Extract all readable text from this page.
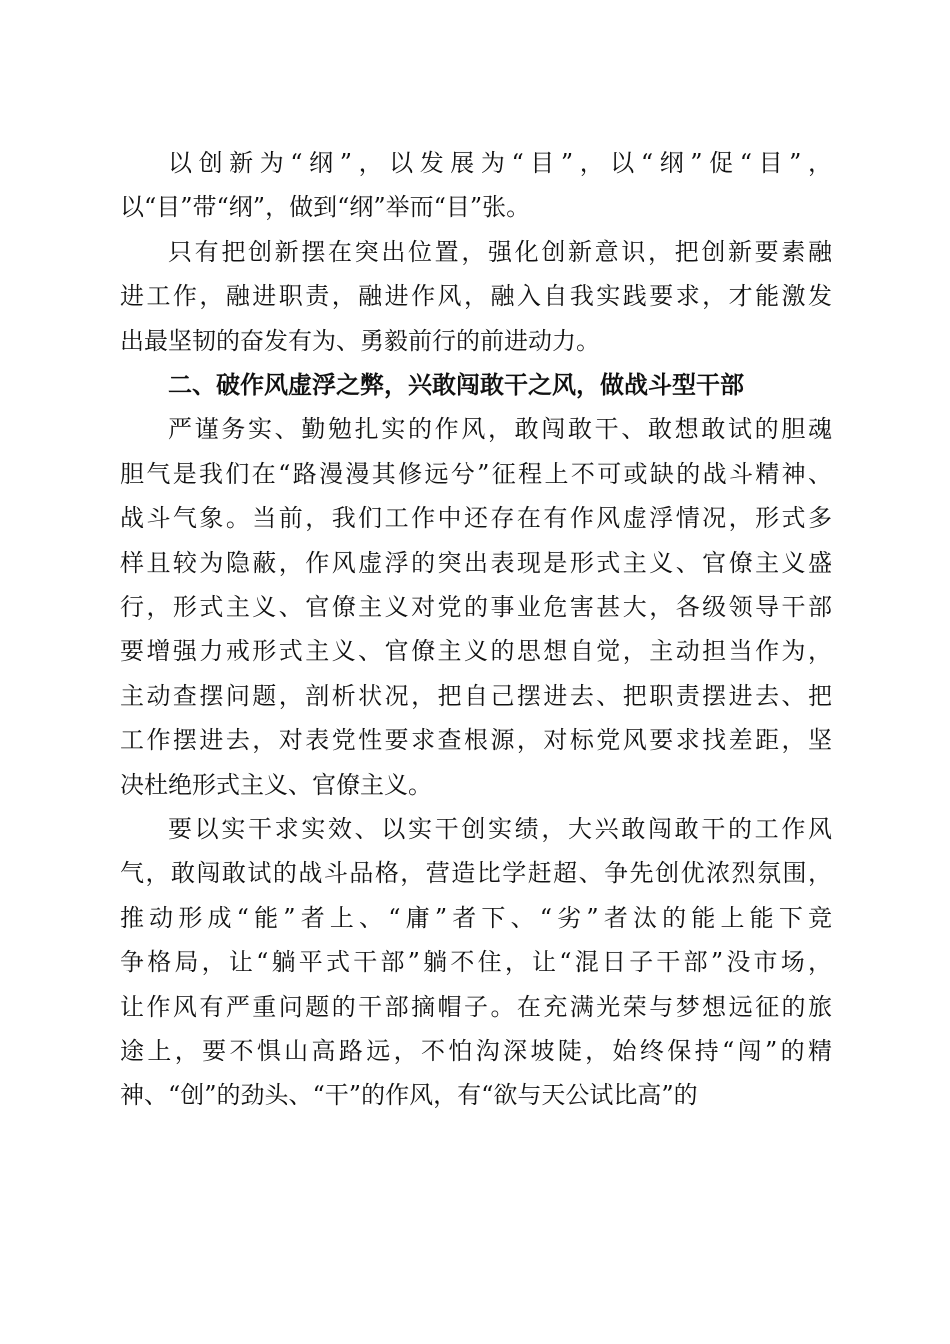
以创新为“纲”，以发展为“目”，以“纲”促“目”，
以“目”带“纲”，做到“纲”举而“目”张。
只有把创新摆在突出位置，强化创新意识，把创新要素融
进工作，融进职责，融进作风，融入自我实践要求，才能激发
出最坚韧的奋发有为、勇毅前行的前进动力。
二、破作风虚浮之弊，兴敢闯敢干之风，做战斗型干部
严谨务实、勤勉扎实的作风，敢闯敢干、敢想敢试的胆魂
胆气是我们在“路漫漫其修远兮”征程上不可或缺的战斗精神、
战斗气象。当前，我们工作中还存在有作风虚浮情况，形式多
样且较为隐蔽，作风虚浮的突出表现是形式主义、官僚主义盛
行，形式主义、官僚主义对党的事业危害甚大，各级领导干部
要增强力戒形式主义、官僚主义的思想自觉，主动担当作为，
主动查摆问题，剖析状况，把自己摆进去、把职责摆进去、把
工作摆进去，对表党性要求查根源，对标党风要求找差距，坚
决杜绝形式主义、官僚主义。
要以实干求实效、以实干创实绩，大兴敢闯敢干的工作风
气，敢闯敢试的战斗品格，营造比学赶超、争先创优浓烈氛围，
推动形成“能”者上、“庸”者下、“劣”者汰的能上能下竞
争格局，让“躺平式干部”躺不住，让“混日子干部”没市场，
让作风有严重问题的干部摘帽子。在充满光荣与梦想远征的旅
途上，要不惧山高路远，不怕沟深坡陡，始终保持“闯”的精
神、“创”的劲头、“干”的作风，有“欲与天公试比高”的
